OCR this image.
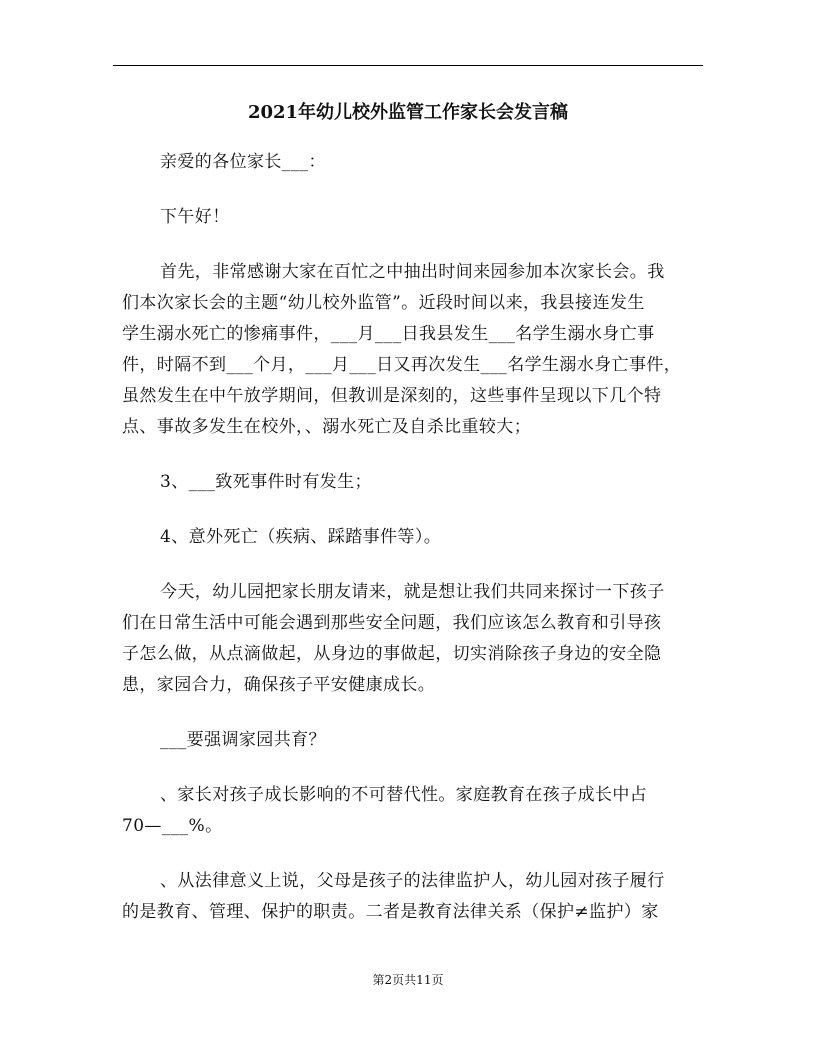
2021年幼儿校外监管工作家长会发言稿
亲爱的各位家长___：
下午好！
首先，非常感谢大家在百忙之中抽出时间来园参加本次家长会。我
们本次家长会的主题“幼儿校外监管”。近段时间以来，我县接连发生
学生溺水死亡的惨痛事件，___月___日我县发生___名学生溺水身亡事
件，时隔不到___个月，___月___日又再次发生___名学生溺水身亡事件，
虽然发生在中午放学期间，但教训是深刻的，这些事件呈现以下几个特
点、事故多发生在校外，、溺水死亡及自杀比重较大；
3、___致死事件时有发生；
4、意外死亡（疾病、踩踏事件等）。
今天，幼儿园把家长朋友请来，就是想让我们共同来探讨一下孩子
们在日常生活中可能会遇到那些安全问题，我们应该怎么教育和引导孩
子怎么做，从点滴做起，从身边的事做起，切实消除孩子身边的安全隐
患，家园合力，确保孩子平安健康成长。
___要强调家园共育？
、家长对孩子成长影响的不可替代性。家庭教育在孩子成长中占
70—___%。
、从法律意义上说，父母是孩子的法律监护人，幼儿园对孩子履行
的是教育、管理、保护的职责。二者是教育法律关系（保护≠监护）家
第2页共11页
